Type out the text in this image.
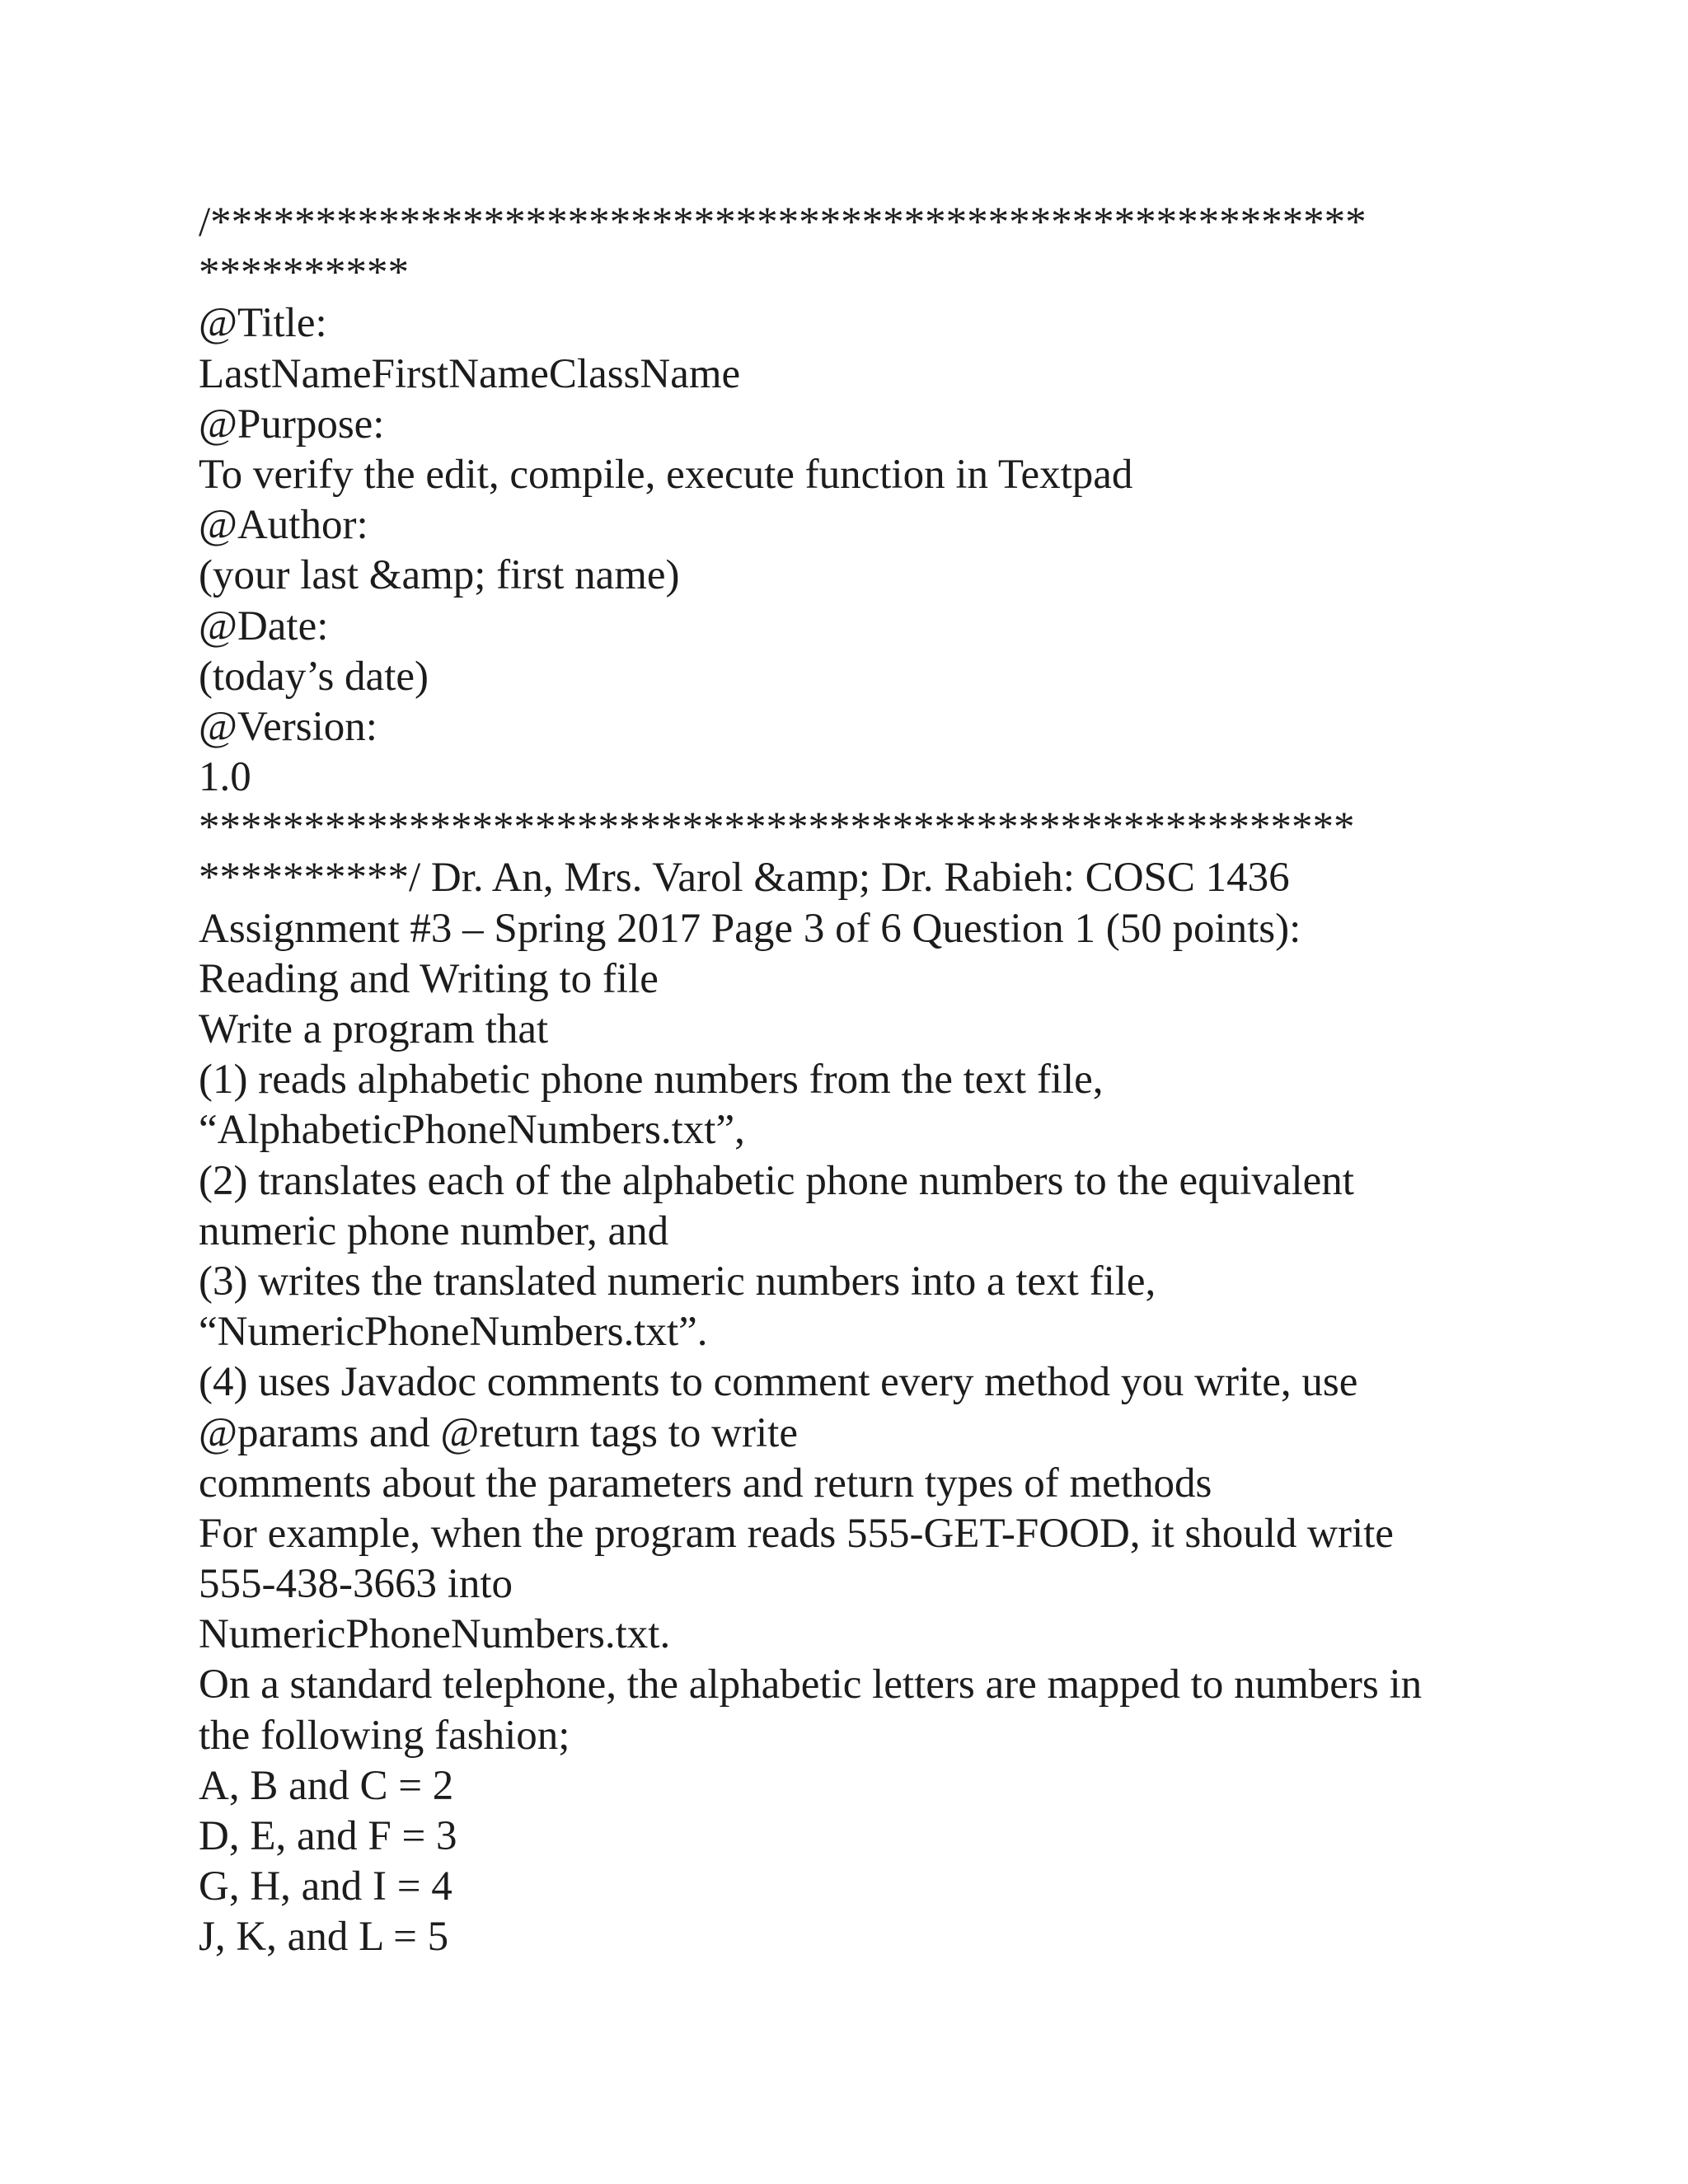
/*******************************************************
**********
@Title:
LastNameFirstNameClassName
@Purpose:
To verify the edit, compile, execute function in Textpad
@Author:
(your last &amp; first name)
@Date:
(today’s date)
@Version:
1.0
*******************************************************
**********/ Dr. An, Mrs. Varol &amp; Dr. Rabieh: COSC 1436
Assignment #3 – Spring 2017 Page 3 of 6 Question 1 (50 points):
Reading and Writing to file
Write a program that
(1) reads alphabetic phone numbers from the text file,
“AlphabeticPhoneNumbers.txt”,
(2) translates each of the alphabetic phone numbers to the equivalent
numeric phone number, and
(3) writes the translated numeric numbers into a text file,
“NumericPhoneNumbers.txt”.
(4) uses Javadoc comments to comment every method you write, use
@params and @return tags to write
comments about the parameters and return types of methods
For example, when the program reads 555-GET-FOOD, it should write
555-438-3663 into
NumericPhoneNumbers.txt.
On a standard telephone, the alphabetic letters are mapped to numbers in
the following fashion;
A, B and C = 2
D, E, and F = 3
G, H, and I = 4
J, K, and L = 5
